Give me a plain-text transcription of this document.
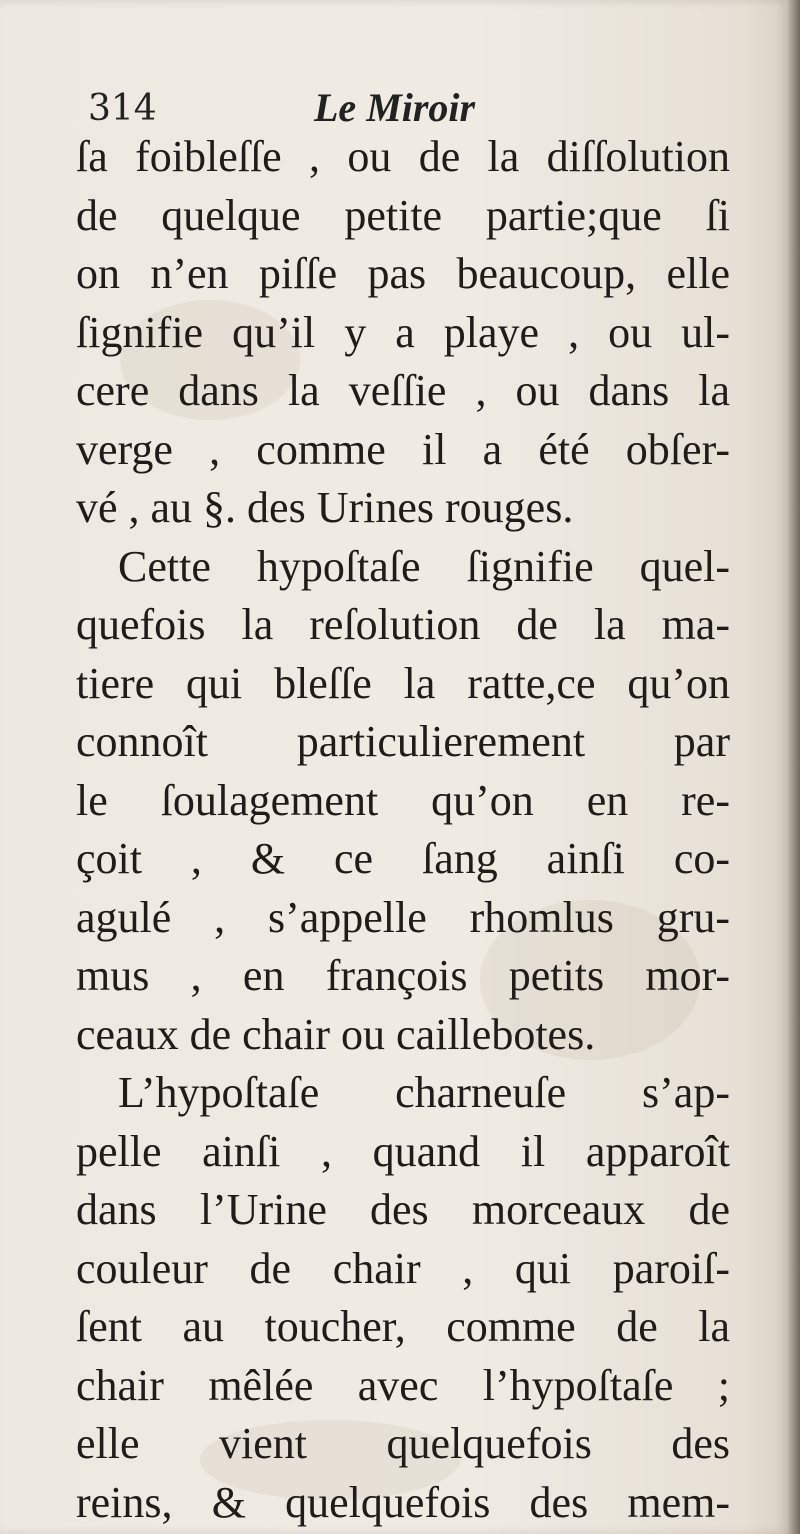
314	Le Miroir
ſa foibleſſe , ou de la diſſolution
de quelque petite partie;que ſi
on n’en piſſe pas beaucoup, elle
ſignifie qu’il y a playe , ou ul-
cere dans la veſſie , ou dans la
verge , comme il a été obſer-
vé , au §. des Urines rouges.
Cette hypoſtaſe ſignifie quel-
quefois la reſolution de la ma-
tiere qui bleſſe la ratte,ce qu’on
connoît particulierement par
le ſoulagement qu’on en re-
çoit , & ce ſang ainſi co-
agulé , s’appelle rhomlus gru-
mus , en françois petits mor-
ceaux de chair ou caillebotes.
L’hypoſtaſe charneuſe s’ap-
pelle ainſi , quand il apparoît
dans l’Urine des morceaux de
couleur de chair , qui paroiſ-
ſent au toucher, comme de la
chair mêlée avec l’hypoſtaſe ;
elle vient quelquefois des
reins, & quelquefois des mem-
